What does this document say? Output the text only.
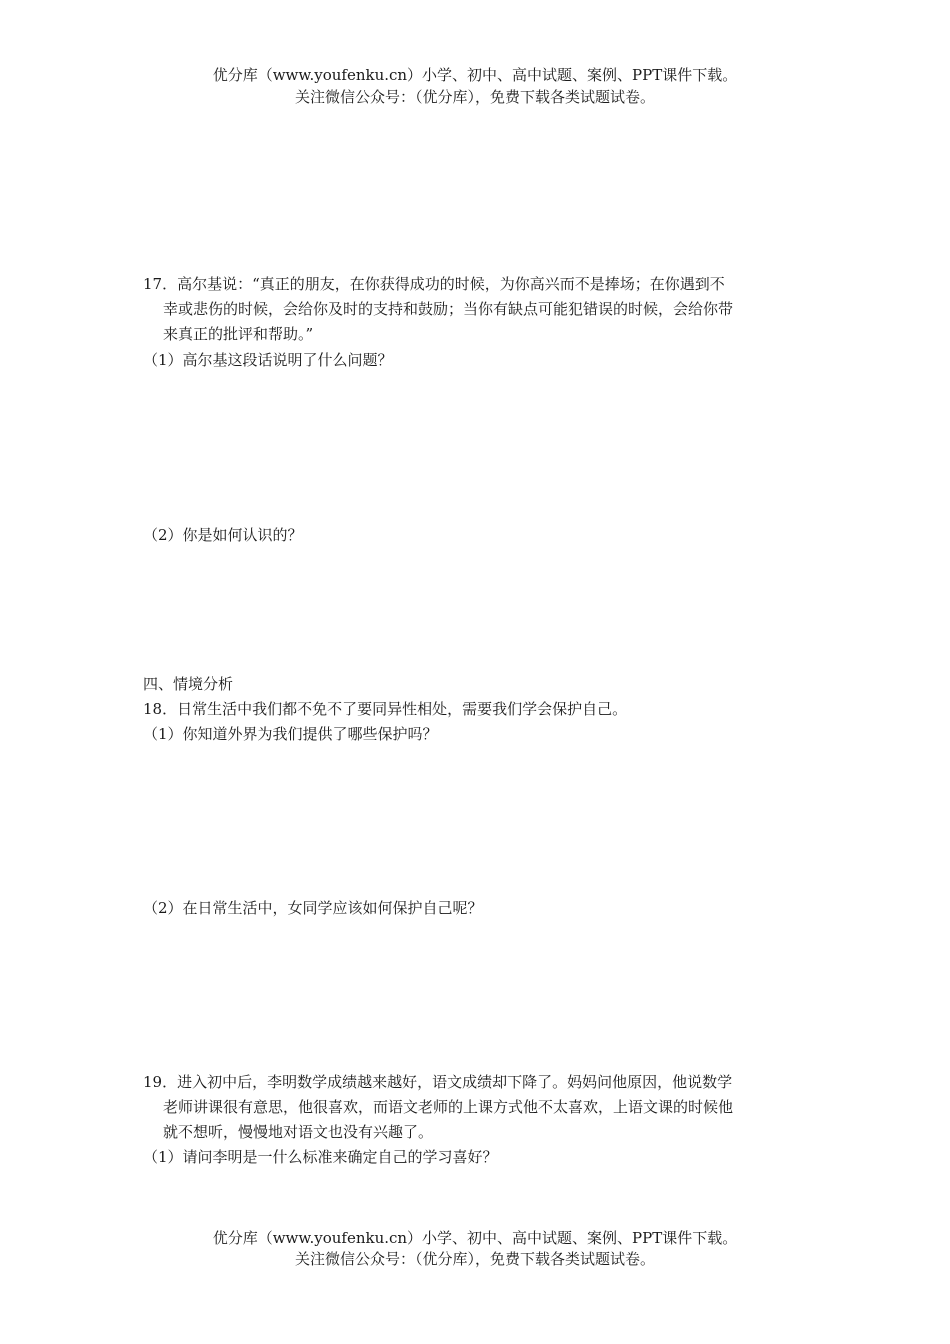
优分库（www.youfenku.cn）小学、初中、高中试题、案例、PPT课件下载。
关注微信公众号：（优分库），免费下载各类试题试卷。
17．高尔基说：“真正的朋友，在你获得成功的时候，为你高兴而不是捧场；在你遇到不
幸或悲伤的时候，会给你及时的支持和鼓励；当你有缺点可能犯错误的时候，会给你带
来真正的批评和帮助。”
（1）高尔基这段话说明了什么问题？
（2）你是如何认识的？
四、情境分析
18．日常生活中我们都不免不了要同异性相处，需要我们学会保护自己。
（1）你知道外界为我们提供了哪些保护吗？
（2）在日常生活中，女同学应该如何保护自己呢？
19．进入初中后，李明数学成绩越来越好，语文成绩却下降了。妈妈问他原因，他说数学
老师讲课很有意思，他很喜欢，而语文老师的上课方式他不太喜欢，上语文课的时候他
就不想听，慢慢地对语文也没有兴趣了。
（1）请问李明是一什么标准来确定自己的学习喜好？
优分库（www.youfenku.cn）小学、初中、高中试题、案例、PPT课件下载。
关注微信公众号：（优分库），免费下载各类试题试卷。
